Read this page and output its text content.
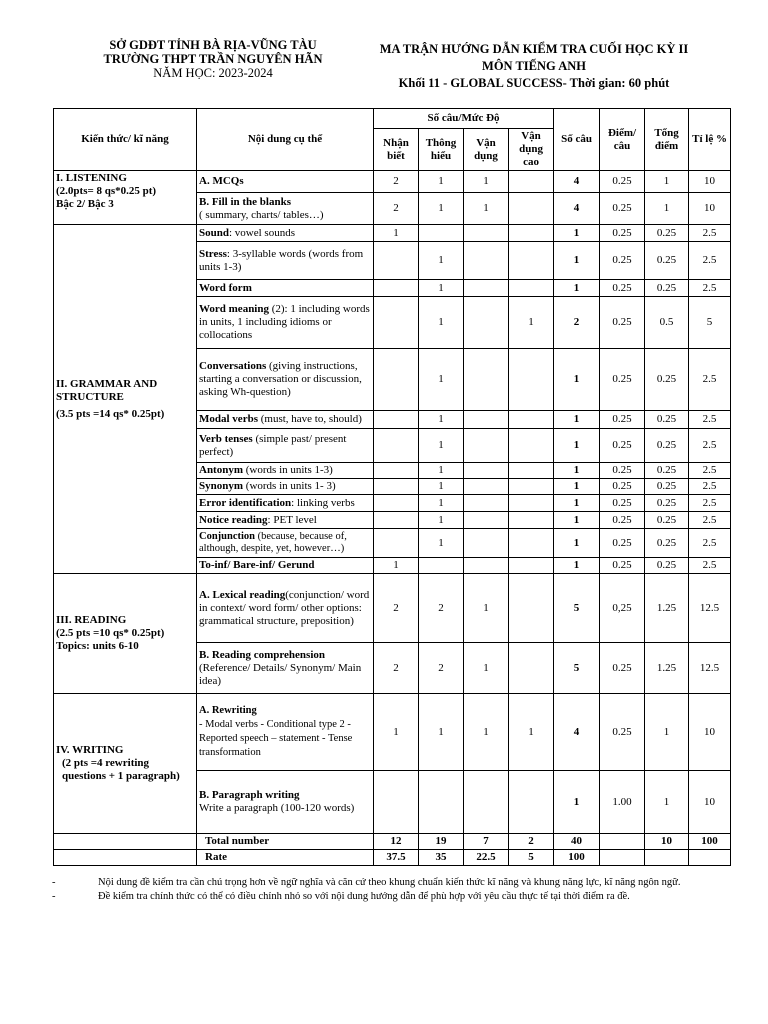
SỞ GDĐT TỈNH BÀ RỊA-VŨNG TÀU
TRƯỜNG THPT TRẦN NGUYÊN HÃN
NĂM HỌC: 2023-2024
MA TRẬN HƯỚNG DẪN KIỂM TRA CUỐI HỌC KỲ II
MÔN TIẾNG ANH
Khối 11 - GLOBAL SUCCESS- Thời gian: 60 phút
Kiến thức/ kĩ năng	Nội dung cụ thể	Số câu/Mức Độ				Số câu	Điểm/ câu	Tổng điểm	Tỉ lệ %
		Nhận biết	Thông hiểu	Vận dụng	Vận dụng cao				

I. LISTENING
(2.0pts= 8 qs*0.25 pt)
Bậc 2/ Bậc 3	A. MCQs	2	1	1		4	0.25	1	10
	B. Fill in the blanks
( summary, charts/ tables…)	2	1	1		4	0.25	1	10

II. GRAMMAR AND STRUCTURE
(3.5 pts =14 qs* 0.25pt)	Sound: vowel sounds	1				1	0.25	0.25	2.5
	Stress: 3-syllable words (words from units 1-3)		1			1	0.25	0.25	2.5
	Word form		1			1	0.25	0.25	2.5
	Word meaning (2): 1 including words in units, 1 including idioms or collocations		1		1	2	0.25	0.5	5
	Conversations (giving instructions, starting a conversation or discussion, asking Wh-question)		1			1	0.25	0.25	2.5
	Modal verbs (must, have to, should)		1			1	0.25	0.25	2.5
	Verb tenses (simple past/ present perfect)		1			1	0.25	0.25	2.5
	Antonym (words in units 1-3)		1			1	0.25	0.25	2.5
	Synonym (words in units 1- 3)		1			1	0.25	0.25	2.5
	Error identification: linking verbs		1			1	0.25	0.25	2.5
	Notice reading: PET level		1			1	0.25	0.25	2.5
	Conjunction (because, because of, although, despite, yet, however…)		1			1	0.25	0.25	2.5
	To-inf/ Bare-inf/ Gerund	1				1	0.25	0.25	2.5

III. READING
(2.5 pts =10 qs* 0.25pt)
Topics: units 6-10	A. Lexical reading(conjunction/ word in context/ word form/ other options: grammatical structure, preposition)	2	2	1		5	0,25	1.25	12.5
	B. Reading comprehension
(Reference/ Details/ Synonym/ Main idea)	2	2	1		5	0.25	1.25	12.5

IV. WRITING
(2 pts =4 rewriting questions + 1 paragraph)	A. Rewriting
- Modal verbs - Conditional type 2 - Reported speech – statement - Tense transformation	1	1	1	1	4	0.25	1	10
	B. Paragraph writing
Write a paragraph (100-120 words)					1	1.00	1	10
	Total number	12	19	7	2	40		10	100
	Rate	37.5	35	22.5	5	100			
-	Nội dung đề kiểm tra cần chú trọng hơn về ngữ nghĩa và căn cứ theo khung chuẩn kiến thức kĩ năng và khung năng lực, kĩ năng ngôn ngữ.
-	Đề kiểm tra chính thức có thể có điều chỉnh nhỏ so với nội dung hướng dẫn để phù hợp với yêu cầu thực tế tại thời điểm ra đề.
